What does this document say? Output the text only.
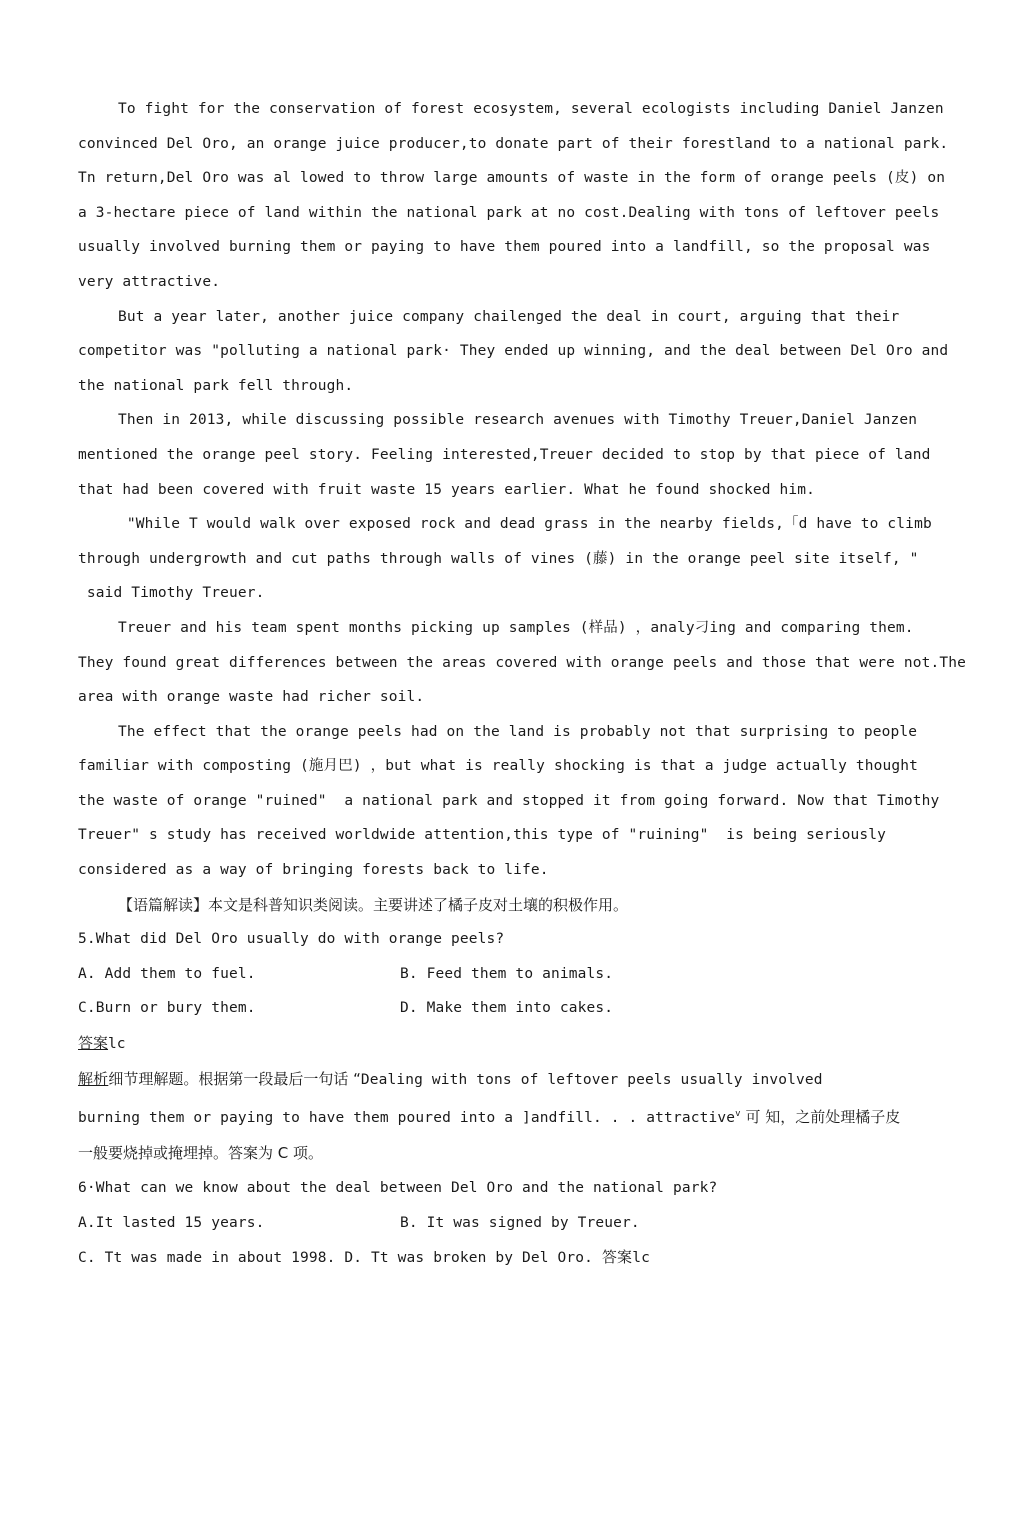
To fight for the conservation of forest ecosystem, several ecologists including Daniel Janzen

convinced Del Oro, an orange juice producer,to donate part of their forestland to a national park.

Tn return,Del Oro was al lowed to throw large amounts of waste in the form of orange peels (皮) on

a 3-hectare piece of land within the national park at no cost.Dealing with tons of leftover peels

usually involved burning them or paying to have them poured into a landfill, so the proposal was

very attractive.

But a year later, another juice company chailenged the deal in court, arguing that their

competitor was "polluting a national park· They ended up winning, and the deal between Del Oro and

the national park fell through.

Then in 2013, while discussing possible research avenues with Timothy Treuer,Daniel Janzen

mentioned the orange peel story. Feeling interested,Treuer decided to stop by that piece of land

that had been covered with fruit waste 15 years earlier. What he found shocked him.

"While T would walk over exposed rock and dead grass in the nearby fields,「d have to climb

through undergrowth and cut paths through walls of vines (藤) in the orange peel site itself, "

said Timothy Treuer.

Treuer and his team spent months picking up samples (样品) ，analy刁ing and comparing them.

They found great differences between the areas covered with orange peels and those that were not.The

area with orange waste had richer soil.

The effect that the orange peels had on the land is probably not that surprising to people

familiar with composting (施月巴) ，but what is really shocking is that a judge actually thought

the waste of orange "ruined"  a national park and stopped it from going forward. Now that Timothy

Treuer" s study has received worldwide attention,this type of "ruining"  is being seriously

considered as a way of bringing forests back to life.

【语篇解读】本文是科普知识类阅读。主要讲述了橘子皮对土壤的积极作用。

5.What did Del Oro usually do with orange peels?

A. Add them to fuel.	B. Feed them to animals.
C.Burn or bury them.	D. Make them into cakes.

答案lc

解析细节理解题。根据第一段最后一句话 “Dealing with tons of leftover peels usually involved

burning them or paying to have them poured into a ]andfill. . . attractive$^v$ 可 知，之前处理橘子皮

一般要烧掉或掩埋掉。答案为 C 项。

6·What can we know about the deal between Del Oro and the national park?

A.It lasted 15 years.	B. It was signed by Treuer.

C. Tt was made in about 1998. D. Tt was broken by Del Oro. 答案lc
